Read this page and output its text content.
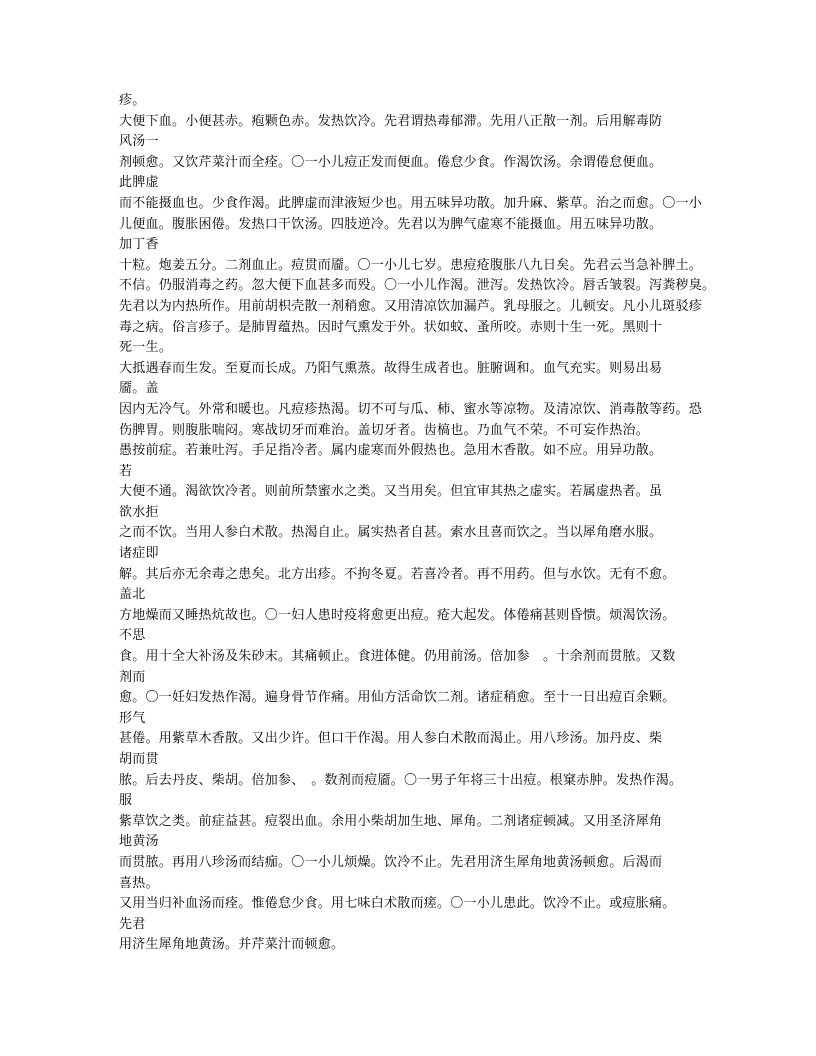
疹。
大便下血。小便甚赤。疱颗色赤。发热饮冷。先君谓热毒郁滞。先用八正散一剂。后用解毒防
风汤一
剂顿愈。又饮芹菜汁而全痊。〇一小儿痘正发而便血。倦怠少食。作渴饮汤。余谓倦怠便血。
此脾虚
而不能摄血也。少食作渴。此脾虚而津液短少也。用五味异功散。加升麻、紫草。治之而愈。〇一小
儿便血。腹胀困倦。发热口干饮汤。四肢逆冷。先君以为脾气虚寒不能摄血。用五味异功散。
加丁香
十粒。炮姜五分。二剂血止。痘贯而靥。〇一小儿七岁。患痘疮腹胀八九日矣。先君云当急补脾土。
不信。仍服消毒之药。忽大便下血甚多而殁。〇一小儿作渴。泄泻。发热饮冷。唇舌皱裂。泻粪秽臭。
先君以为内热所作。用前胡枳壳散一剂稍愈。又用清凉饮加漏芦。乳母服之。儿顿安。凡小儿斑驳疹
毒之病。俗言疹子。是肺胃蕴热。因时气熏发于外。状如蚊、蚤所咬。赤则十生一死。黑则十
死一生。
大抵遇春而生发。至夏而长成。乃阳气熏蒸。故得生成者也。脏腑调和。血气充实。则易出易
靥。盖
因内无冷气。外常和暖也。凡痘疹热渴。切不可与瓜、柿、蜜水等凉物。及清凉饮、消毒散等药。恐
伤脾胃。则腹胀喘闷。寒战切牙而难治。盖切牙者。齿槁也。乃血气不荣。不可妄作热治。
愚按前症。若兼吐泻。手足指冷者。属内虚寒而外假热也。急用木香散。如不应。用异功散。
若
大便不通。渴欲饮冷者。则前所禁蜜水之类。又当用矣。但宜审其热之虚实。若属虚热者。虽
欲水拒
之而不饮。当用人参白术散。热渴自止。属实热者自甚。索水且喜而饮之。当以犀角磨水服。
诸症即
解。其后亦无余毒之患矣。北方出疹。不拘冬夏。若喜冷者。再不用药。但与水饮。无有不愈。
盖北
方地燥而又睡热炕故也。〇一妇人患时疫将愈更出痘。疮大起发。体倦痛甚则昏愦。烦渴饮汤。
不思
食。用十全大补汤及朱砂末。其痛顿止。食进体健。仍用前汤。倍加参　。十余剂而贯脓。又数
剂而
愈。〇一妊妇发热作渴。遍身骨节作痛。用仙方活命饮二剂。诸症稍愈。至十一日出痘百余颗。
形气
甚倦。用紫草木香散。又出少许。但口干作渴。用人参白术散而渴止。用八珍汤。加丹皮、柴
胡而贯
脓。后去丹皮、柴胡。倍加参、　。数剂而痘靥。〇一男子年将三十出痘。根窠赤肿。发热作渴。
服
紫草饮之类。前症益甚。痘裂出血。余用小柴胡加生地、犀角。二剂诸症顿减。又用圣济犀角
地黄汤
而贯脓。再用八珍汤而结痂。〇一小儿烦燥。饮冷不止。先君用济生犀角地黄汤顿愈。后渴而
喜热。
又用当归补血汤而痊。惟倦怠少食。用七味白术散而瘥。〇一小儿患此。饮冷不止。或痘胀痛。
先君
用济生犀角地黄汤。并芹菜汁而顿愈。
